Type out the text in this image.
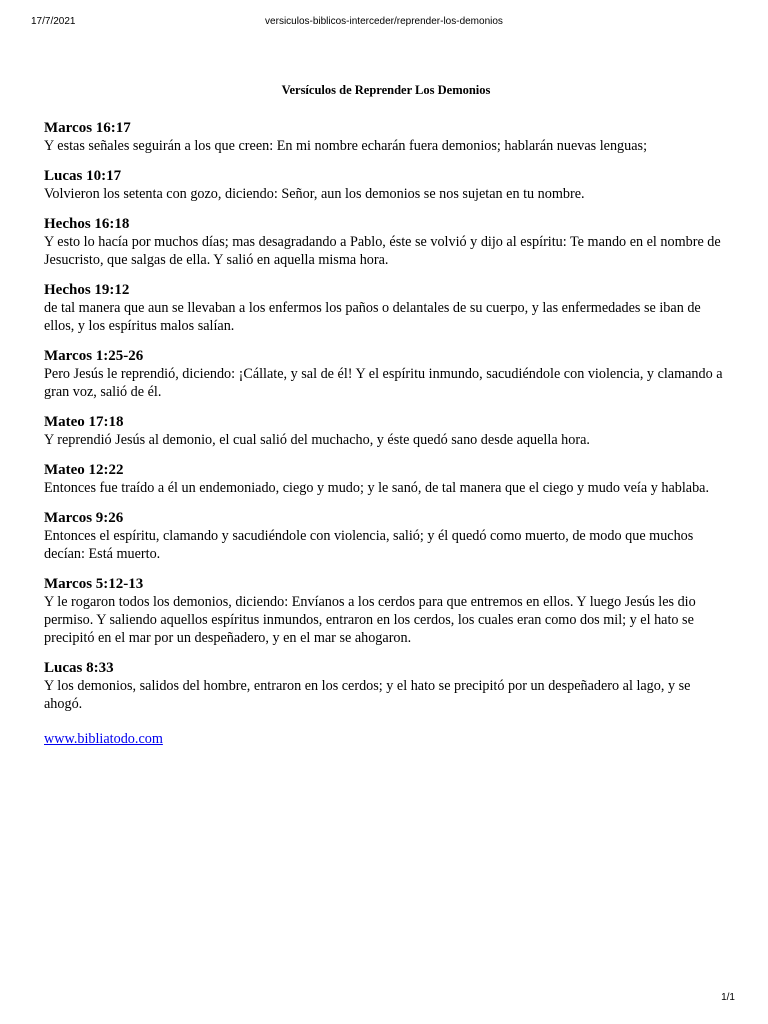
17/7/2021	versiculos-biblicos-interceder/reprender-los-demonios
Versículos de Reprender Los Demonios

Marcos 16:17

Y estas señales seguirán a los que creen: En mi nombre echarán fuera demonios; hablarán nuevas lenguas;

Lucas 10:17

Volvieron los setenta con gozo, diciendo: Señor, aun los demonios se nos sujetan en tu nombre.

Hechos 16:18

Y esto lo hacía por muchos días; mas desagradando a Pablo, éste se volvió y dijo al espíritu: Te mando en el nombre de Jesucristo, que salgas de ella. Y salió en aquella misma hora.

Hechos 19:12

de tal manera que aun se llevaban a los enfermos los paños o delantales de su cuerpo, y las enfermedades se iban de ellos, y los espíritus malos salían.

Marcos 1:25-26

Pero Jesús le reprendió, diciendo: ¡Cállate, y sal de él! Y el espíritu inmundo, sacudiéndole con violencia, y clamando a gran voz, salió de él.

Mateo 17:18

Y reprendió Jesús al demonio, el cual salió del muchacho, y éste quedó sano desde aquella hora.

Mateo 12:22

Entonces fue traído a él un endemoniado, ciego y mudo; y le sanó, de tal manera que el ciego y mudo veía y hablaba.

Marcos 9:26

Entonces el espíritu, clamando y sacudiéndole con violencia, salió; y él quedó como muerto, de modo que muchos decían: Está muerto.

Marcos 5:12-13

Y le rogaron todos los demonios, diciendo: Envíanos a los cerdos para que entremos en ellos. Y luego Jesús les dio permiso. Y saliendo aquellos espíritus inmundos, entraron en los cerdos, los cuales eran como dos mil; y el hato se precipitó en el mar por un despeñadero, y en el mar se ahogaron.

Lucas 8:33

Y los demonios, salidos del hombre, entraron en los cerdos; y el hato se precipitó por un despeñadero al lago, y se ahogó.

www.bibliatodo.com
1/1
